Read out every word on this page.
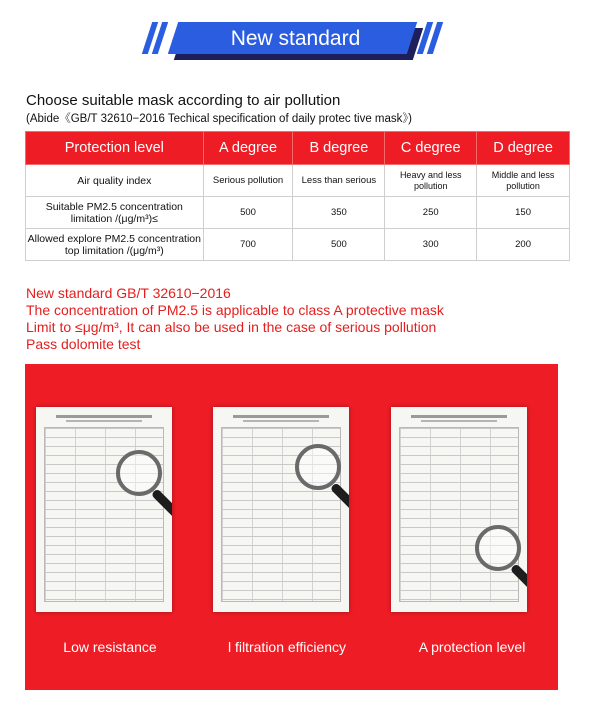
New standard
Choose suitable mask according to air pollution
(Abide《GB/T 32610−2016 Techical specification of daily protec tive mask》)
Protection level	A degree	B degree	C degree	D degree
Air quality index	Serious pollution	Less than serious	Heavy and less pollution	Middle and less pollution
Suitable PM2.5 concentration limitation /(μg/m³)≤	500	350	250	150
Allowed explore PM2.5 concentration top limitation /(μg/m³)	700	500	300	200
New standard GB/T 32610−2016
The concentration of PM2.5 is applicable to class A protective mask
Limit to ≤μg/m³, It can also be used in the case of serious pollution
Pass dolomite test
Low resistance	l filtration efficiency	A protection level
